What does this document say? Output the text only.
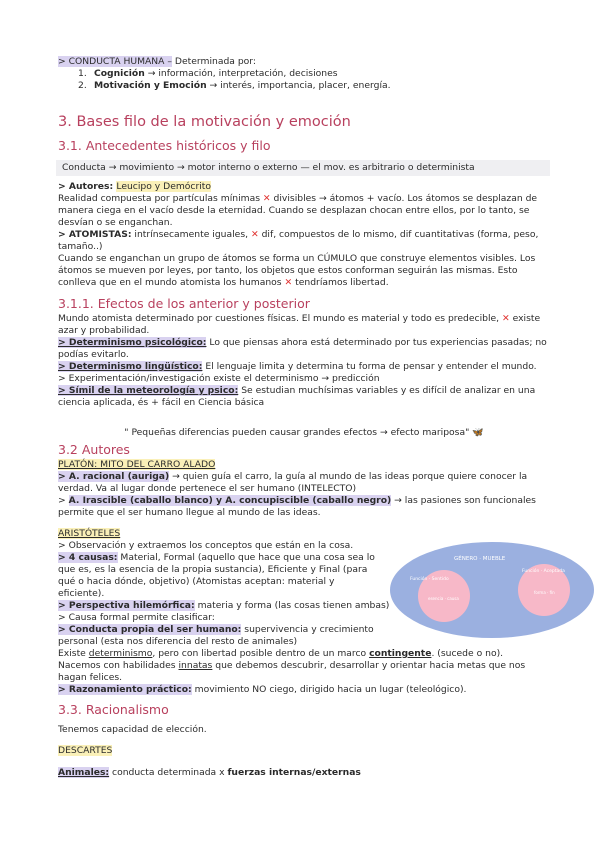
> CONDUCTA HUMANA – Determinada por:

1. Cognición → información, interpretación, decisiones

2. Motivación y Emoción → interés, importancia, placer, energía.

3. Bases filo de la motivación y emoción
3.1. Antecedentes históricos y filo
Conducta → movimiento → motor interno o externo — el mov. es arbitrario o determinista

> Autores: Leucipo y Demócrito

Realidad compuesta por partículas mínimas ✕ divisibles → átomos + vacío. Los átomos se desplazan de manera ciega en el vacío desde la eternidad. Cuando se desplazan chocan entre ellos, por lo tanto, se desvían o se enganchan.

> ATOMISTAS: intrínsecamente iguales, ✕ dif, compuestos de lo mismo, dif cuantitativas (forma, peso, tamaño..)

Cuando se enganchan un grupo de átomos se forma un CÚMULO que construye elementos visibles. Los átomos se mueven por leyes, por tanto, los objetos que estos conforman seguirán las mismas. Esto conlleva que en el mundo atomista los humanos ✕ tendríamos libertad.

3.1.1. Efectos de los anterior y posterior

Mundo atomista determinado por cuestiones físicas. El mundo es material y todo es predecible, ✕ existe azar y probabilidad.

> Determinismo psicológico: Lo que piensas ahora está determinado por tus experiencias pasadas; no podías evitarlo.

> Determinismo lingüístico: El lenguaje limita y determina tu forma de pensar y entender el mundo.

> Experimentación/investigación existe el determinismo → predicción

> Símil de la meteorología y psico: Se estudian muchísimas variables y es difícil de analizar en una ciencia aplicada, és + fácil en Ciencia básica

" Pequeñas diferencias pueden causar grandes efectos → efecto mariposa" 🦋

3.2 Autores

PLATÓN: MITO DEL CARRO ALADO

> A. racional (auriga) → quien guía el carro, la guía al mundo de las ideas porque quiere conocer la verdad. Va al lugar donde pertenece el ser humano (INTELECTO)

> A. Irascible (caballo blanco) y A. concupiscible (caballo negro) → las pasiones son funcionales permite que el ser humano llegue al mundo de las ideas.

ARISTÓTELES

> Observación y extraemos los conceptos que están en la cosa.

> 4 causas: Material, Formal (aquello que hace que una cosa sea lo que es, es la esencia de la propia sustancia), Eficiente y Final (para qué o hacia dónde, objetivo) (Atomistas aceptan: material y eficiente).

> Perspectiva hilemórfica: materia y forma (las cosas tienen ambas)

> Causa formal permite clasificar:

> Conducta propia del ser humano: supervivencia y crecimiento personal (esta nos diferencia del resto de animales)

Existe determinismo, pero con libertad posible dentro de un marco contingente. (sucede o no).

Nacemos con habilidades innatas que debemos descubrir, desarrollar y orientar hacia metas que nos hagan felices.

> Razonamiento práctico: movimiento NO ciego, dirigido hacia un lugar (teleológico).

GÉNERO · MUEBLE
Función · Sentido
esencia · causa
Función · Aceptada
forma · fin
3.3. Racionalismo

Tenemos capacidad de elección.

DESCARTES

Animales: conducta determinada x fuerzas internas/externas
